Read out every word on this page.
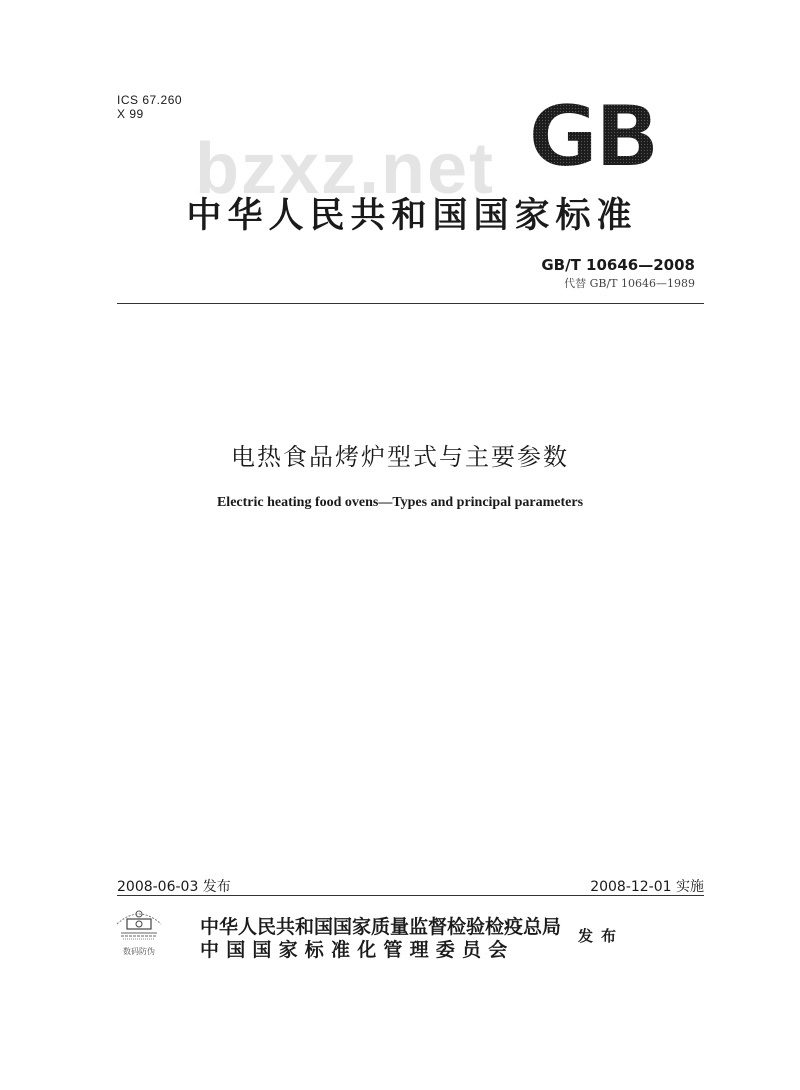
ICS 67.260
X 99	GB
bzxz.net
中华人民共和国国家标准
GB/T 10646—2008
代替 GB/T 10646—1989
电热食品烤炉型式与主要参数
Electric heating food ovens—Types and principal parameters
2008-06-03 发布	2008-12-01 实施
数码防伪
中华人民共和国国家质量监督检验检疫总局
中国国家标准化管理委员会
发布
